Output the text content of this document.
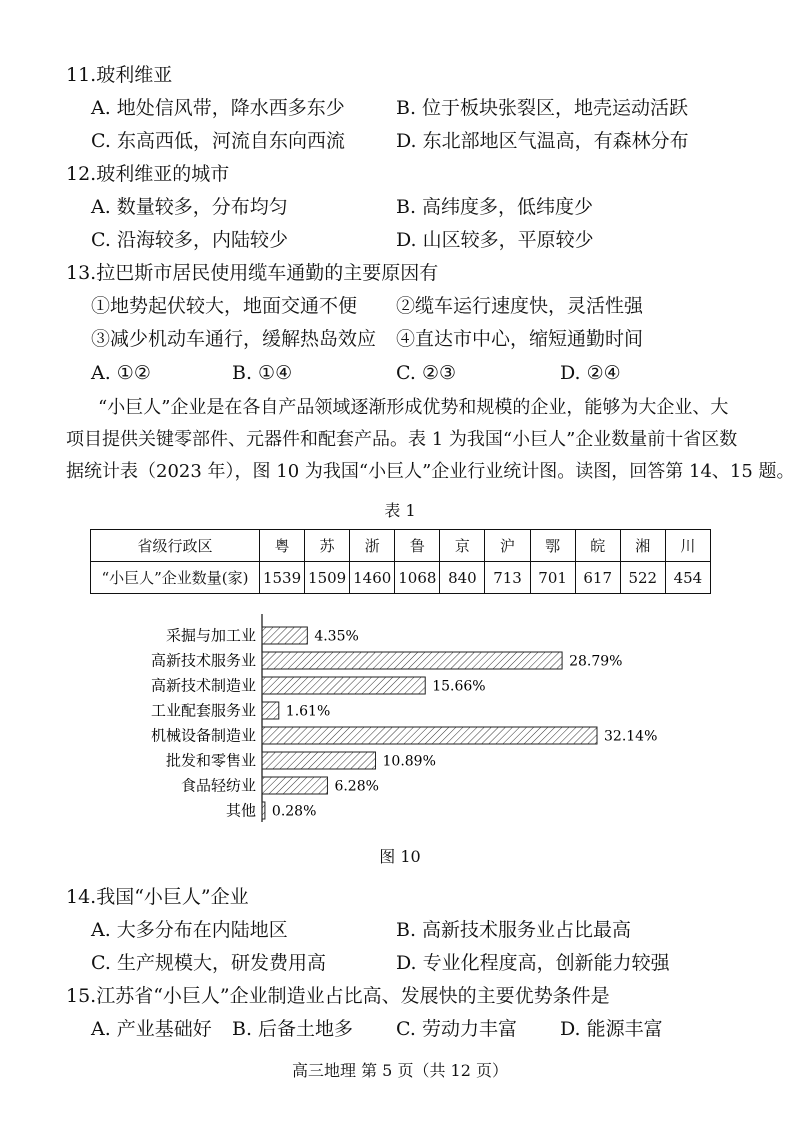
11.玻利维亚
A. 地处信风带，降水西多东少	B. 位于板块张裂区，地壳运动活跃
C. 东高西低，河流自东向西流	D. 东北部地区气温高，有森林分布
12.玻利维亚的城市
A. 数量较多，分布均匀	B. 高纬度多，低纬度少
C. 沿海较多，内陆较少	D. 山区较多，平原较少
13.拉巴斯市居民使用缆车通勤的主要原因有
①地势起伏较大，地面交通不便 ②缆车运行速度快，灵活性强
③减少机动车通行，缓解热岛效应 ④直达市中心，缩短通勤时间
A. ①②	B. ①④	C. ②③	D. ②④
“小巨人”企业是在各自产品领域逐渐形成优势和规模的企业，能够为大企业、大
项目提供关键零部件、元器件和配套产品。表 1 为我国“小巨人”企业数量前十省区数
据统计表（2023 年），图 10 为我国“小巨人”企业行业统计图。读图，回答第 14、15 题。
表 1
省级行政区	粤	苏	浙	鲁	京	沪	鄂	皖	湘	川
“小巨人”企业数量(家)	1539	1509	1460	1068	840	713	701	617	522	454
采掘与加工业	4.35%
高新技术服务业	28.79%
高新技术制造业	15.66%
工业配套服务业 1.61%
机械设备制造业	32.14%
批发和零售业	10.89%
食品轻纺业	6.28%
其他 0.28%
图 10
14.我国“小巨人”企业
A. 大多分布在内陆地区	B. 高新技术服务业占比最高
C. 生产规模大，研发费用高	D. 专业化程度高，创新能力较强
15.江苏省“小巨人”企业制造业占比高、发展快的主要优势条件是
A. 产业基础好 B. 后备土地多 C. 劳动力丰富 D. 能源丰富
高三地理 第 5 页（共 12 页）
